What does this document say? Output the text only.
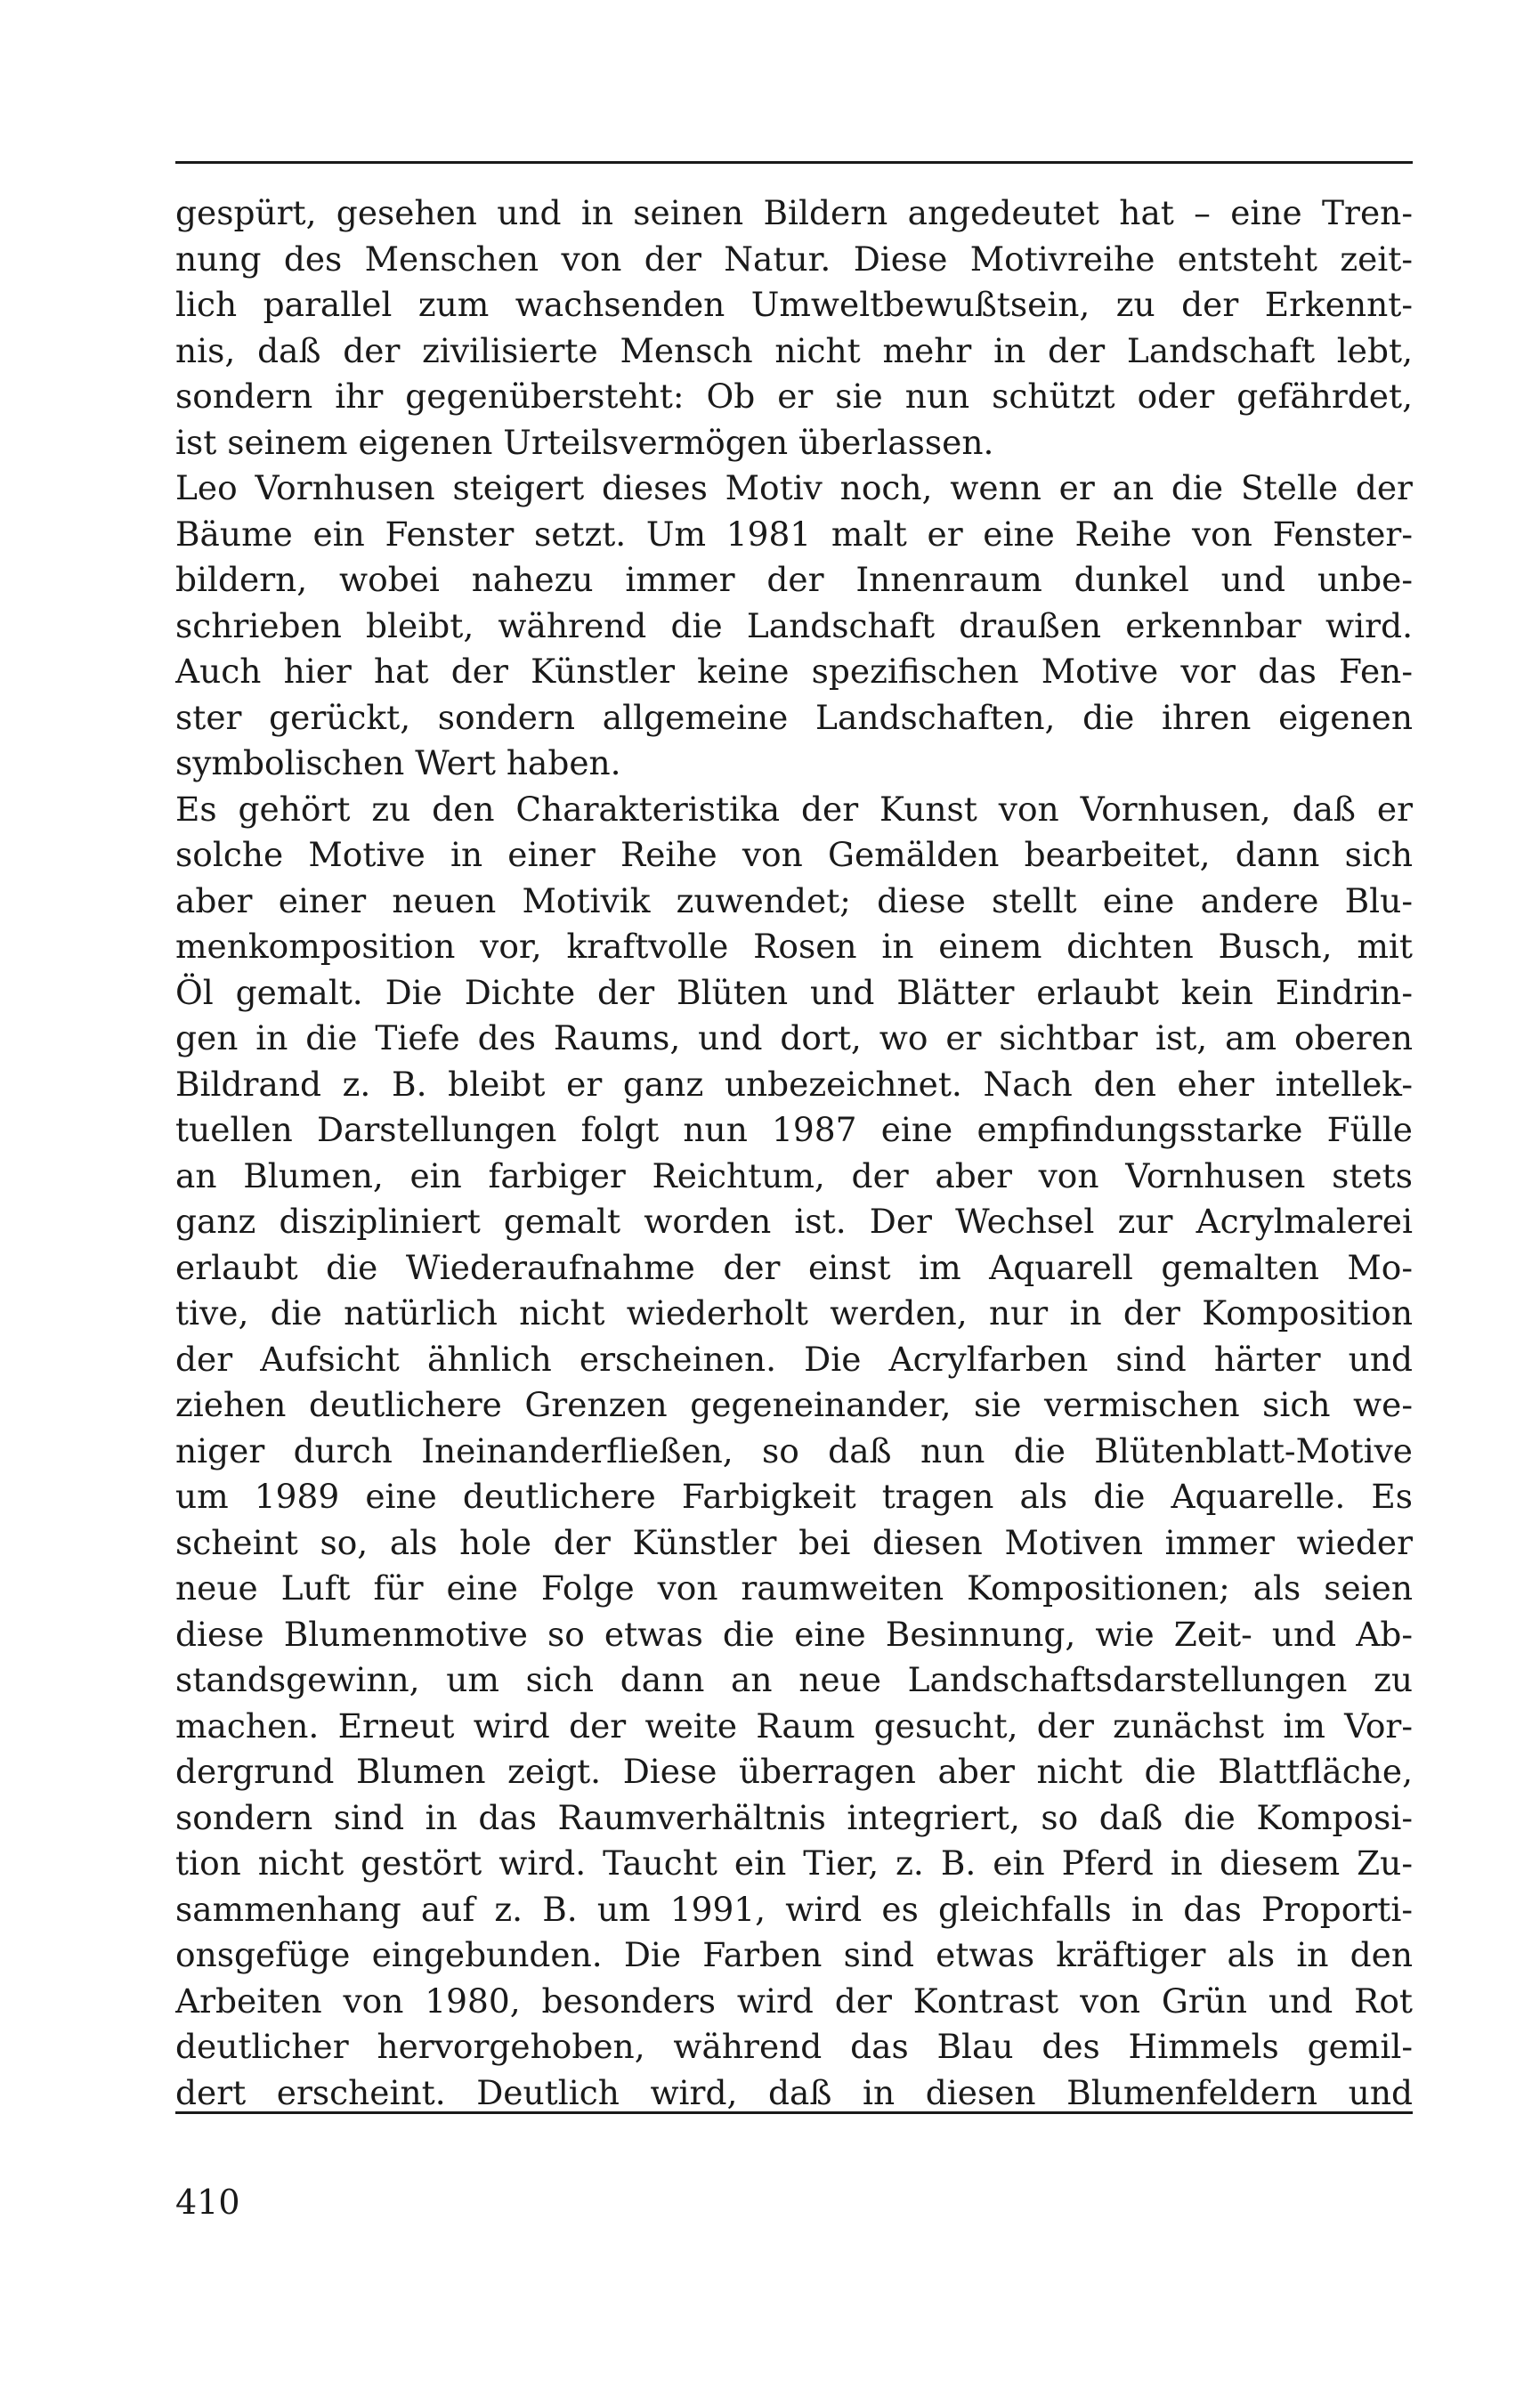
gespürt, gesehen und in seinen Bildern angedeutet hat – eine Tren-
nung des Menschen von der Natur. Diese Motivreihe entsteht zeit-
lich parallel zum wachsenden Umweltbewußtsein, zu der Erkennt-
nis, daß der zivilisierte Mensch nicht mehr in der Landschaft lebt,
sondern ihr gegenübersteht: Ob er sie nun schützt oder gefährdet,
ist seinem eigenen Urteilsvermögen überlassen.
Leo Vornhusen steigert dieses Motiv noch, wenn er an die Stelle der
Bäume ein Fenster setzt. Um 1981 malt er eine Reihe von Fenster-
bildern, wobei nahezu immer der Innenraum dunkel und unbe-
schrieben bleibt, während die Landschaft draußen erkennbar wird.
Auch hier hat der Künstler keine spezifischen Motive vor das Fen-
ster gerückt, sondern allgemeine Landschaften, die ihren eigenen
symbolischen Wert haben.
Es gehört zu den Charakteristika der Kunst von Vornhusen, daß er
solche Motive in einer Reihe von Gemälden bearbeitet, dann sich
aber einer neuen Motivik zuwendet; diese stellt eine andere Blu-
menkomposition vor, kraftvolle Rosen in einem dichten Busch, mit
Öl gemalt. Die Dichte der Blüten und Blätter erlaubt kein Eindrin-
gen in die Tiefe des Raums, und dort, wo er sichtbar ist, am oberen
Bildrand z. B. bleibt er ganz unbezeichnet. Nach den eher intellek-
tuellen Darstellungen folgt nun 1987 eine empfindungsstarke Fülle
an Blumen, ein farbiger Reichtum, der aber von Vornhusen stets
ganz diszipliniert gemalt worden ist. Der Wechsel zur Acrylmalerei
erlaubt die Wiederaufnahme der einst im Aquarell gemalten Mo-
tive, die natürlich nicht wiederholt werden, nur in der Komposition
der Aufsicht ähnlich erscheinen. Die Acrylfarben sind härter und
ziehen deutlichere Grenzen gegeneinander, sie vermischen sich we-
niger durch Ineinanderfließen, so daß nun die Blütenblatt-Motive
um 1989 eine deutlichere Farbigkeit tragen als die Aquarelle. Es
scheint so, als hole der Künstler bei diesen Motiven immer wieder
neue Luft für eine Folge von raumweiten Kompositionen; als seien
diese Blumenmotive so etwas die eine Besinnung, wie Zeit- und Ab-
standsgewinn, um sich dann an neue Landschaftsdarstellungen zu
machen. Erneut wird der weite Raum gesucht, der zunächst im Vor-
dergrund Blumen zeigt. Diese überragen aber nicht die Blattfläche,
sondern sind in das Raumverhältnis integriert, so daß die Komposi-
tion nicht gestört wird. Taucht ein Tier, z. B. ein Pferd in diesem Zu-
sammenhang auf z. B. um 1991, wird es gleichfalls in das Proporti-
onsgefüge eingebunden. Die Farben sind etwas kräftiger als in den
Arbeiten von 1980, besonders wird der Kontrast von Grün und Rot
deutlicher hervorgehoben, während das Blau des Himmels gemil-
dert erscheint. Deutlich wird, daß in diesen Blumenfeldern und
410
